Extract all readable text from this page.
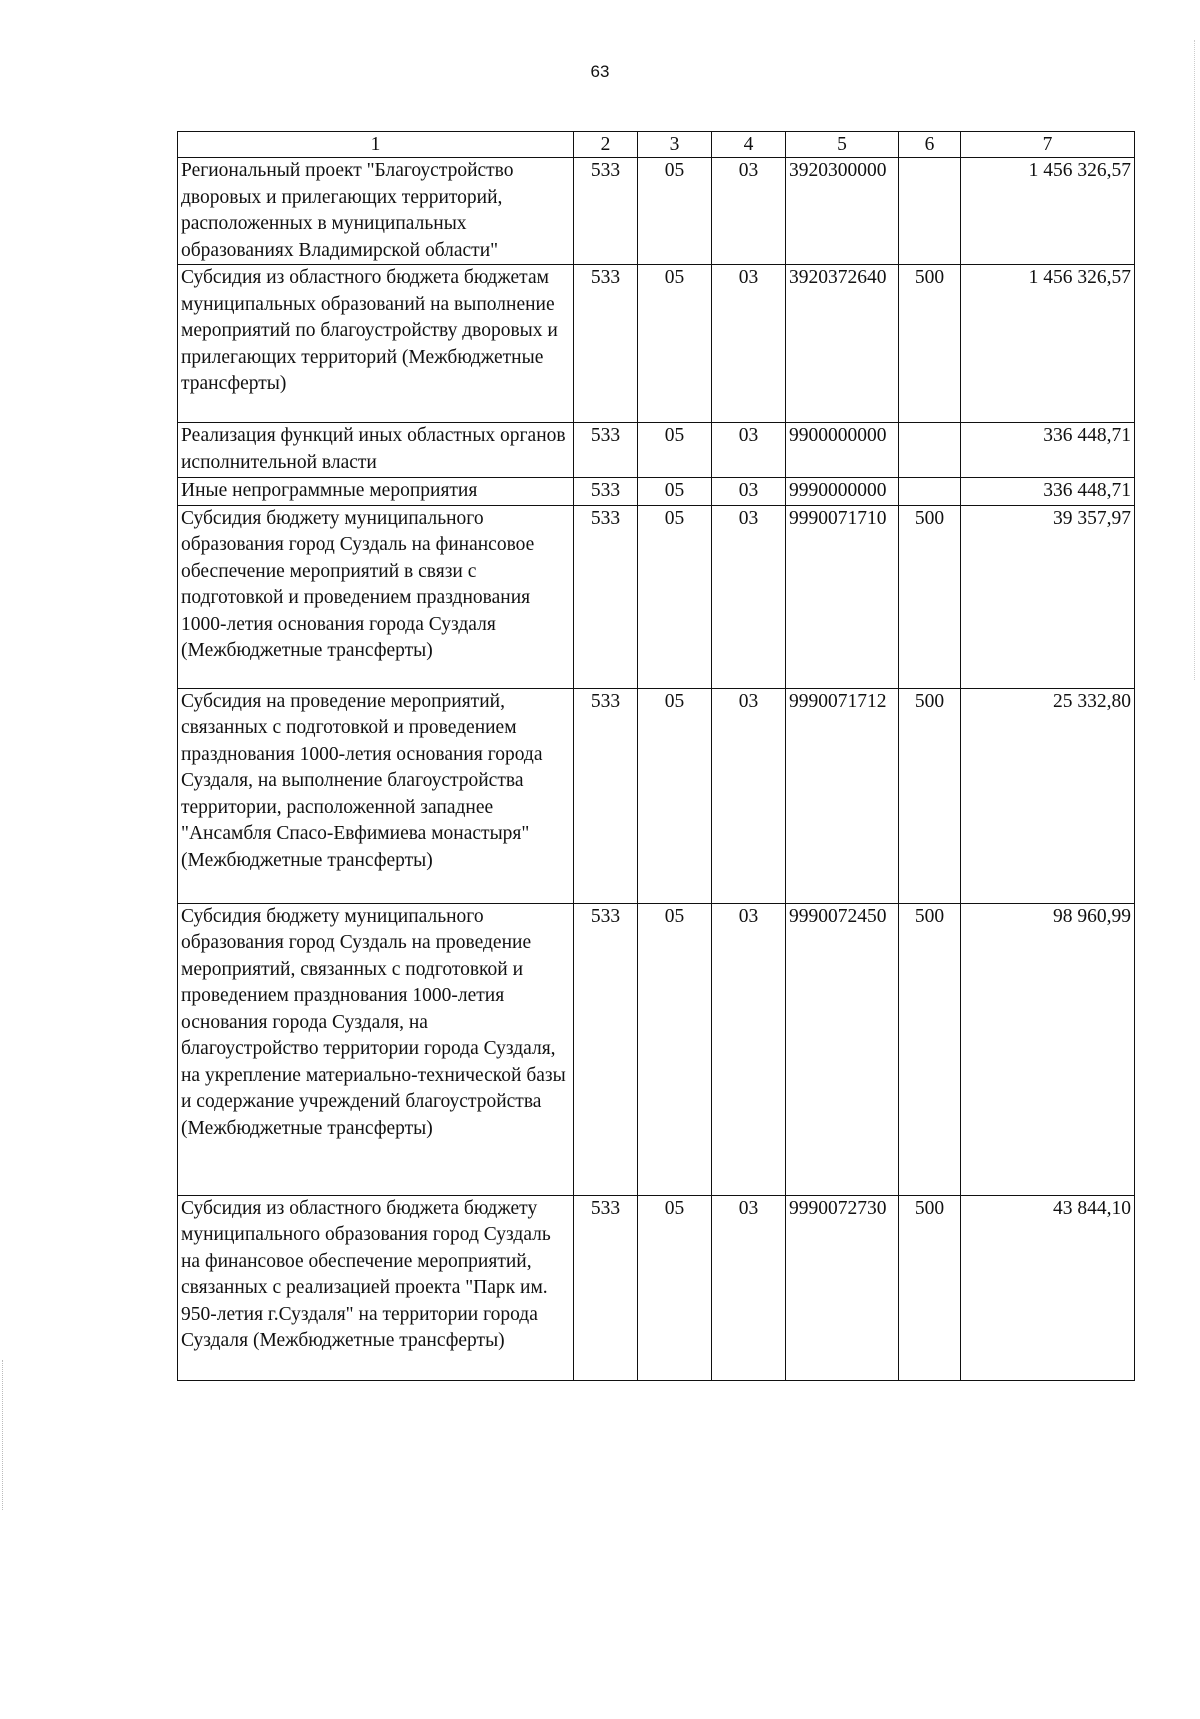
63
1	2	3	4	5	6	7
Региональный проект "Благоустройство дворовых и прилегающих территорий, расположенных в муниципальных образованиях Владимирской области"	533	05	03	3920300000		1 456 326,57
Субсидия из областного бюджета бюджетам муниципальных образований на выполнение мероприятий по благоустройству дворовых и прилегающих территорий (Межбюджетные трансферты)	533	05	03	3920372640	500	1 456 326,57
Реализация функций иных областных органов исполнительной власти	533	05	03	9900000000		336 448,71
Иные непрограммные мероприятия	533	05	03	9990000000		336 448,71
Субсидия бюджету муниципального образования город Суздаль на финансовое обеспечение мероприятий в связи с подготовкой и проведением празднования 1000-летия основания города Суздаля (Межбюджетные трансферты)	533	05	03	9990071710	500	39 357,97
Субсидия на проведение мероприятий, связанных с подготовкой и проведением празднования 1000-летия основания города Суздаля, на выполнение благоустройства территории, расположенной западнее "Ансамбля Спасо-Евфимиева монастыря" (Межбюджетные трансферты)	533	05	03	9990071712	500	25 332,80
Субсидия бюджету муниципального образования город Суздаль на проведение мероприятий, связанных с подготовкой и проведением празднования 1000-летия основания города Суздаля, на благоустройство территории города Суздаля, на укрепление материально-технической базы и содержание учреждений благоустройства (Межбюджетные трансферты)	533	05	03	9990072450	500	98 960,99
Субсидия из областного бюджета бюджету муниципального образования город Суздаль на финансовое обеспечение мероприятий, связанных с реализацией проекта "Парк им. 950-летия г.Суздаля" на территории города Суздаля (Межбюджетные трансферты)	533	05	03	9990072730	500	43 844,10
